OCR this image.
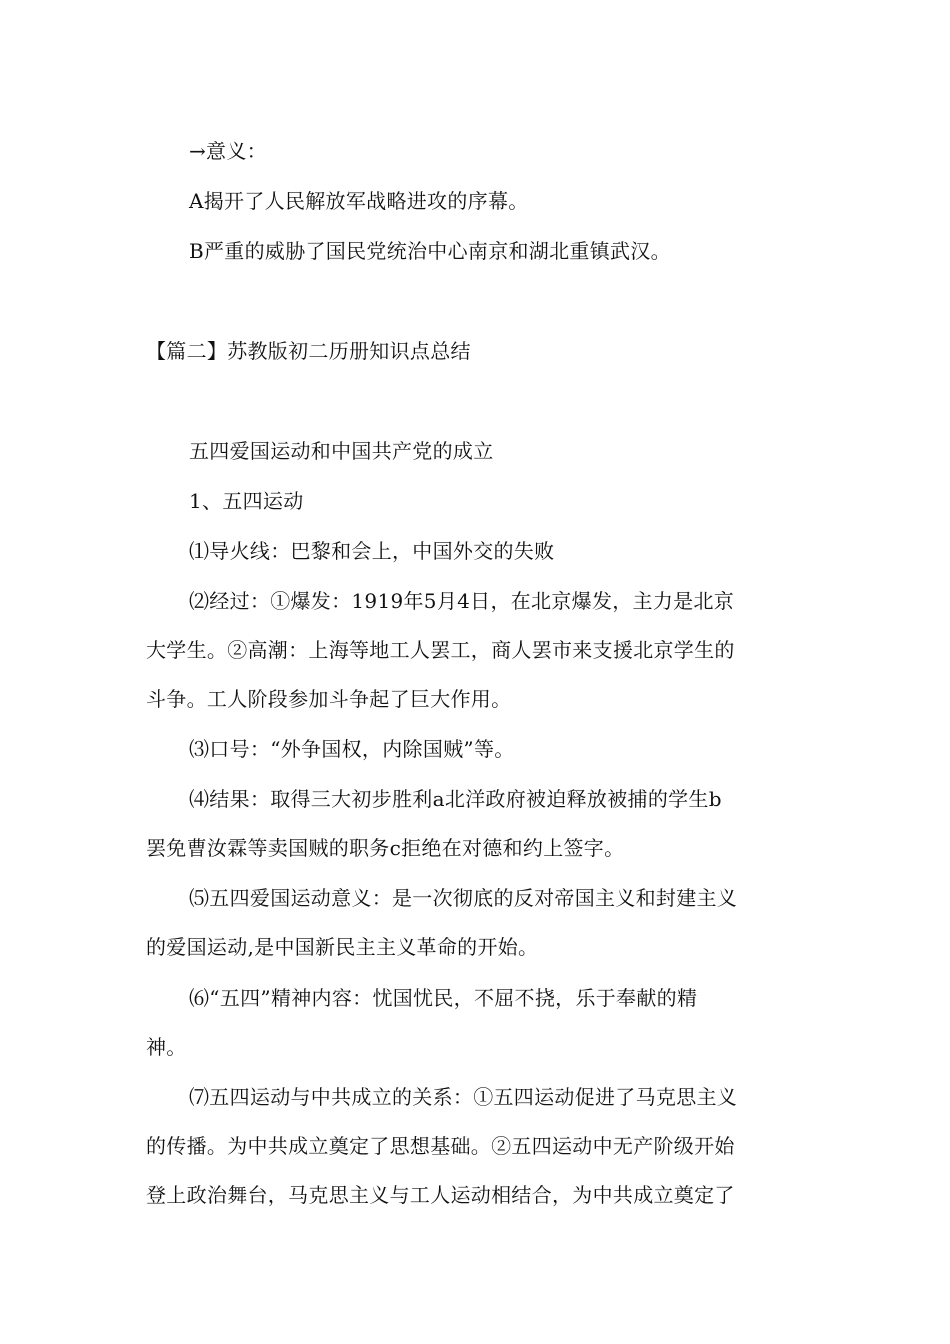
→意义：
A揭开了人民解放军战略进攻的序幕。
B严重的威胁了国民党统治中心南京和湖北重镇武汉。
【篇二】苏教版初二历册知识点总结
五四爱国运动和中国共产党的成立
1、五四运动
⑴导火线：巴黎和会上，中国外交的失败
⑵经过：①爆发：1919年5月4日，在北京爆发，主力是北京
大学生。②高潮：上海等地工人罢工，商人罢市来支援北京学生的
斗争。工人阶段参加斗争起了巨大作用。
⑶口号：“外争国权，内除国贼”等。
⑷结果：取得三大初步胜利a北洋政府被迫释放被捕的学生b
罢免曹汝霖等卖国贼的职务c拒绝在对德和约上签字。
⑸五四爱国运动意义：是一次彻底的反对帝国主义和封建主义
的爱国运动,是中国新民主主义革命的开始。
⑹“五四”精神内容：忧国忧民，不屈不挠，乐于奉献的精
神。
⑺五四运动与中共成立的关系：①五四运动促进了马克思主义
的传播。为中共成立奠定了思想基础。②五四运动中无产阶级开始
登上政治舞台，马克思主义与工人运动相结合，为中共成立奠定了
